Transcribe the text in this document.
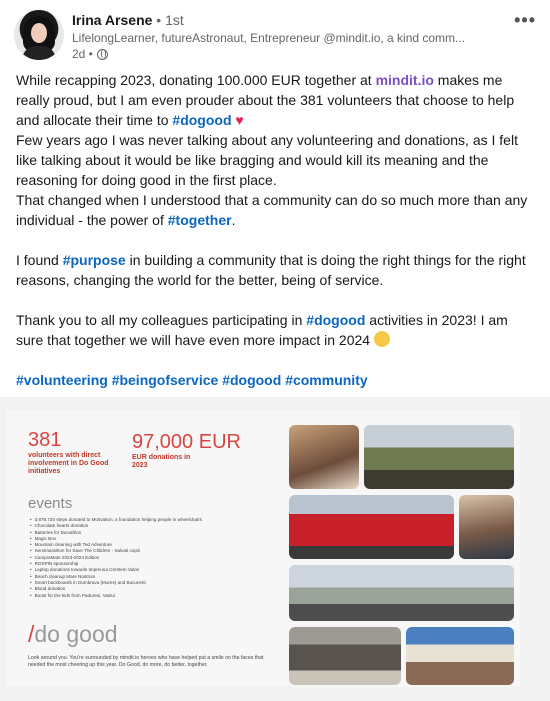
Irina Arsene • 1st
LifelongLearner, futureAstronaut, Entrepreneur @mindit.io, a kind comm...
2d •
•••

While recapping 2023, donating 100.000 EUR together at mindit.io makes me really proud, but I am even prouder about the 381 volunteers that choose to help and allocate their time to #dogood ♥

Few years ago I was never talking about any volunteering and donations, as I felt like talking about it would be like bragging and would kill its meaning and the reasoning for doing good in the first place.

That changed when I understood that a community can do so much more than any individual - the power of #together.

I found #purpose in building a community that is doing the right things for the right reasons, changing the world for the better, being of service.

Thank you to all my colleagues participating in #dogood activities in 2023! I am sure that together we will have even more impact in 2024

#volunteering #beingofservice #dogood #community

381
volunteers with direct involvement in Do Good initiatives
97,000 EUR
EUR donations in 2023
events
• 3,878,720 steps donated to Motivation, a foundation helping people in wheelchairs
• Chocolate hearts donation
• Batteries for Decathlon
• Magic Box
• Mountain cleaning with Ted Adventure
• Semimarathon for Save The Children - Salvati copiii
• CampioMate 2023-2024 Edition
• ROSPIN sponsorship
• Laptop donations towards Impreuna Crestem Valori
• Beach cleanup Mare Nostrum
• Smart backboards in Dumbrava (Mures) and Bucuresti
• Blood donation
• Boots for the kids from Padureni, Vaslui
/do good
Look around you. You're surrounded by mindit.io heroes who have helped put a smile on the faces that needed the most cheering up this year. Do Good, do more, do better, together.
